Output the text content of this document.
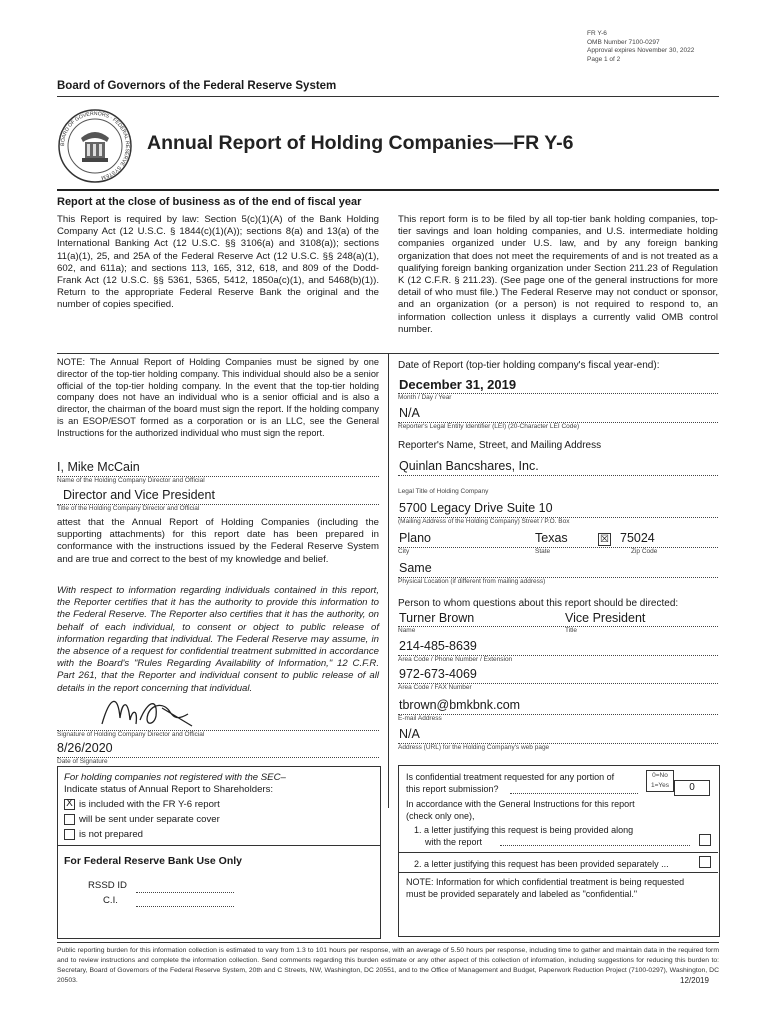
FR Y-6
OMB Number 7100-0297
Approval expires November 30, 2022
Page 1 of 2
Board of Governors of the Federal Reserve System
BOARD OF GOVERNORS · FEDERAL RESERVE SYSTEM
Annual Report of Holding Companies—FR Y-6
Report at the close of business as of the end of fiscal year
This Report is required by law: Section 5(c)(1)(A) of the Bank Holding Company Act (12 U.S.C. § 1844(c)(1)(A)); sections 8(a) and 13(a) of the International Banking Act (12 U.S.C. §§ 3106(a) and 3108(a)); sections 11(a)(1), 25, and 25A of the Federal Reserve Act (12 U.S.C. §§ 248(a)(1), 602, and 611a); and sections 113, 165, 312, 618, and 809 of the Dodd-Frank Act (12 U.S.C. §§ 5361, 5365, 5412, 1850a(c)(1), and 5468(b)(1)). Return to the appropriate Federal Reserve Bank the original and the number of copies specified.
This report form is to be filed by all top-tier bank holding companies, top-tier savings and loan holding companies, and U.S. intermediate holding companies organized under U.S. law, and by any foreign banking organization that does not meet the requirements of and is not treated as a qualifying foreign banking organization under Section 211.23 of Regulation K (12 C.F.R. § 211.23). (See page one of the general instructions for more detail of who must file.) The Federal Reserve may not conduct or sponsor, and an organization (or a person) is not required to respond to, an information collection unless it displays a currently valid OMB control number.
NOTE: The Annual Report of Holding Companies must be signed by one director of the top-tier holding company. This individual should also be a senior official of the top-tier holding company. In the event that the top-tier holding company does not have an individual who is a senior official and is also a director, the chairman of the board must sign the report. If the holding company is an ESOP/ESOT formed as a corporation or is an LLC, see the General Instructions for the authorized individual who must sign the report.
I, Mike McCain
Name of the Holding Company Director and Official
Director and Vice President
Title of the Holding Company Director and Official
attest that the Annual Report of Holding Companies (including the supporting attachments) for this report date has been prepared in conformance with the instructions issued by the Federal Reserve System and are true and correct to the best of my knowledge and belief.
With respect to information regarding individuals contained in this report, the Reporter certifies that it has the authority to provide this information to the Federal Reserve. The Reporter also certifies that it has the authority, on behalf of each individual, to consent or object to public release of information regarding that individual. The Federal Reserve may assume, in the absence of a request for confidential treatment submitted in accordance with the Board's "Rules Regarding Availability of Information," 12 C.F.R. Part 261, that the Reporter and individual consent to public release of all details in the report concerning that individual.
Signature of Holding Company Director and Official
8/26/2020
Date of Signature
For holding companies not registered with the SEC–
Indicate status of Annual Report to Shareholders:
X is included with the FR Y-6 report
will be sent under separate cover
is not prepared
For Federal Reserve Bank Use Only
RSSD ID
C.I.
Date of Report (top-tier holding company's fiscal year-end):
December 31, 2019
Month / Day / Year
N/A
Reporter's Legal Entity Identifier (LEI) (20-Character LEI Code)
Reporter's Name, Street, and Mailing Address
Quinlan Bancshares, Inc.
Legal Title of Holding Company
5700 Legacy Drive Suite 10
(Mailing Address of the Holding Company) Street / P.O. Box
Plano	Texas	☒ 75024
City	State	Zip Code
Same
Physical Location (if different from mailing address)
Person to whom questions about this report should be directed:
Turner Brown	Vice President
Name	Title
214-485-8639
Area Code / Phone Number / Extension
972-673-4069
Area Code / FAX Number
tbrown@bmkbnk.com
E-mail Address
N/A
Address (URL) for the Holding Company's web page
Is confidential treatment requested for any portion of
this report submission?
0=No
1=Yes	0
In accordance with the General Instructions for this report
(check only one),
1. a letter justifying this request is being provided along
with the report
2. a letter justifying this request has been provided separately ...
NOTE: Information for which confidential treatment is being requested must be provided separately and labeled as "confidential."
Public reporting burden for this information collection is estimated to vary from 1.3 to 101 hours per response, with an average of 5.50 hours per response, including time to gather and maintain data in the required form and to review instructions and complete the information collection. Send comments regarding this burden estimate or any other aspect of this collection of information, including suggestions for reducing this burden to: Secretary, Board of Governors of the Federal Reserve System, 20th and C Streets, NW, Washington, DC 20551, and to the Office of Management and Budget, Paperwork Reduction Project (7100-0297), Washington, DC 20503.	12/2019
